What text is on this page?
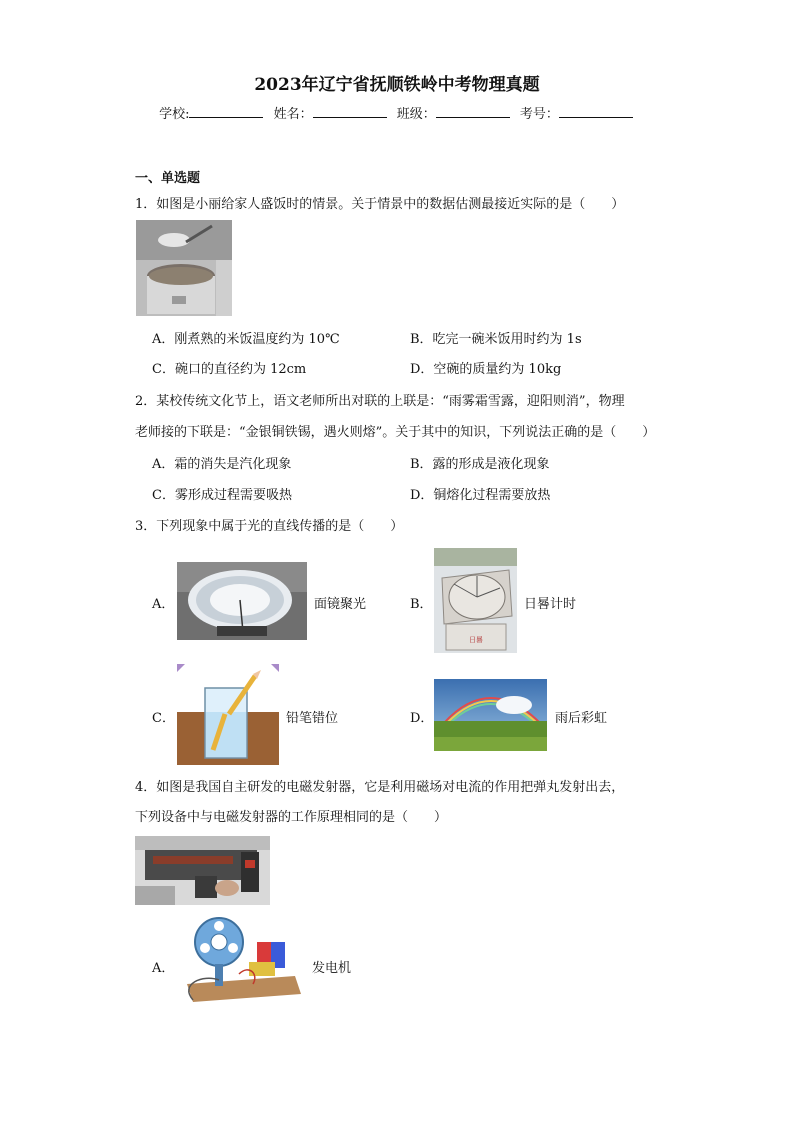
2023年辽宁省抚顺铁岭中考物理真题
学校:	姓名：	班级：	考号：
一、单选题
1．如图是小丽给家人盛饭时的情景。关于情景中的数据估测最接近实际的是（　　）
A．刚煮熟的米饭温度约为 10℃	B．吃完一碗米饭用时约为 1s
C．碗口的直径约为 12cm	D．空碗的质量约为 10kg
2．某校传统文化节上，语文老师所出对联的上联是：“雨雾霜雪露，迎阳则消”，物理
老师接的下联是：“金银铜铁锡，遇火则熔”。关于其中的知识，下列说法正确的是（　　）
A．霜的消失是汽化现象	B．露的形成是液化现象
C．雾形成过程需要吸热	D．铜熔化过程需要放热
3．下列现象中属于光的直线传播的是（　　）
A．	面镜聚光	B．
日晷
日晷计时
C．	铅笔错位	D．	雨后彩虹
4．如图是我国自主研发的电磁发射器，它是利用磁场对电流的作用把弹丸发射出去，
下列设备中与电磁发射器的工作原理相同的是（　　）
A．	发电机
